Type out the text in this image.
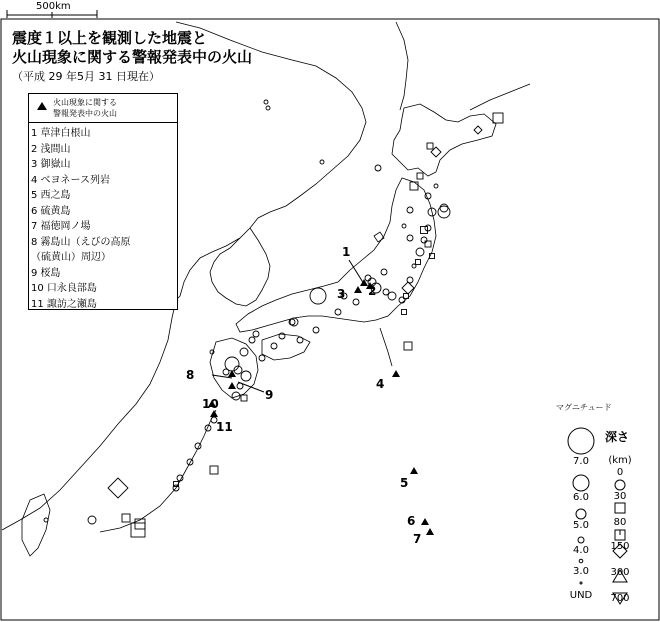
500km
震度１以上を観測した地震と
火山現象に関する警報発表中の火山
（平成 29 年5月 31 日現在）
火山現象に関する
警報発表中の火山
1 草津白根山
2 浅間山
3 御嶽山
4 ベヨネース列岩
5 西之島
6 硫黄島
7 福徳岡ノ場
8 霧島山（えびの高原
（硫黄山）周辺）
9 桜島
10 口永良部島
11 諏訪之瀬島
1
2
3
4
5
6
7
8
9
10
11
マグニチュード
7.0
6.0
5.0
4.0
3.0
UND
深さ
(km)
0
30
80
150
300
700
